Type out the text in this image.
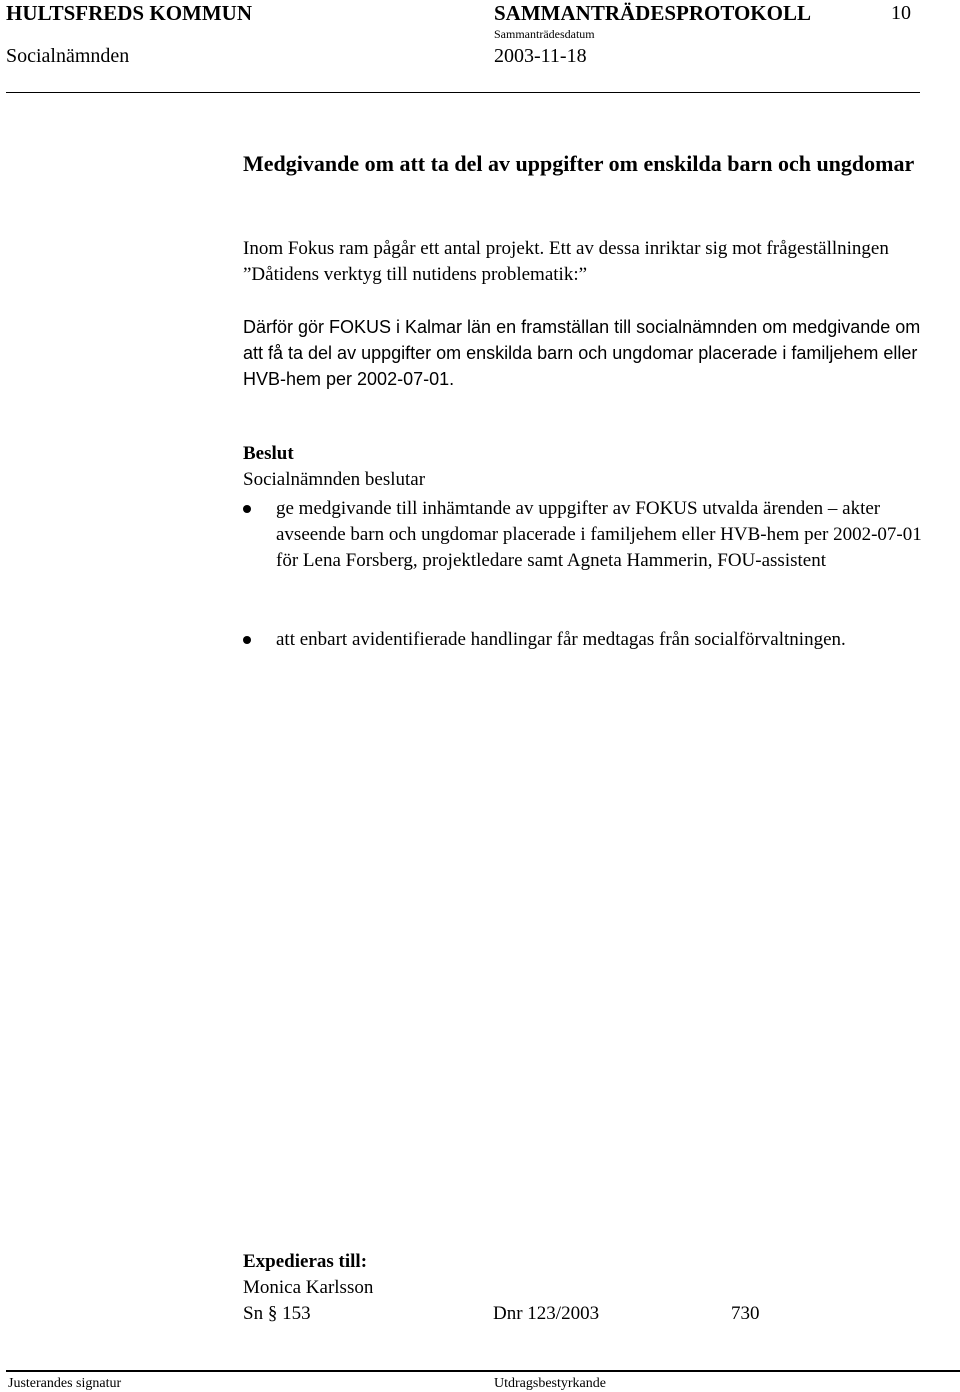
HULTSFREDS KOMMUN	SAMMANTRÄDESPROTOKOLL	10
Sammanträdesdatum
Socialnämnden	2003-11-18
Medgivande om att ta del av uppgifter om enskilda barn och ungdomar
Inom Fokus ram pågår ett antal projekt. Ett av dessa inriktar sig mot frågeställningen ”Dåtidens verktyg till nutidens problematik:”
Därför gör FOKUS i Kalmar län en framställan till socialnämnden om medgivande om att få ta del av uppgifter om enskilda barn och ungdomar placerade i familjehem eller HVB-hem per 2002-07-01.
Beslut
Socialnämnden beslutar
ge medgivande till inhämtande av uppgifter av FOKUS utvalda ärenden – akter avseende barn och ungdomar placerade i familjehem eller HVB-hem per 2002-07-01 för Lena Forsberg, projektledare samt Agneta Hammerin, FOU-assistent
att enbart avidentifierade handlingar får medtagas från socialförvaltningen.
Expedieras till:
Monica Karlsson
Sn § 153	Dnr 123/2003	730
Justerandes signatur	Utdragsbestyrkande
